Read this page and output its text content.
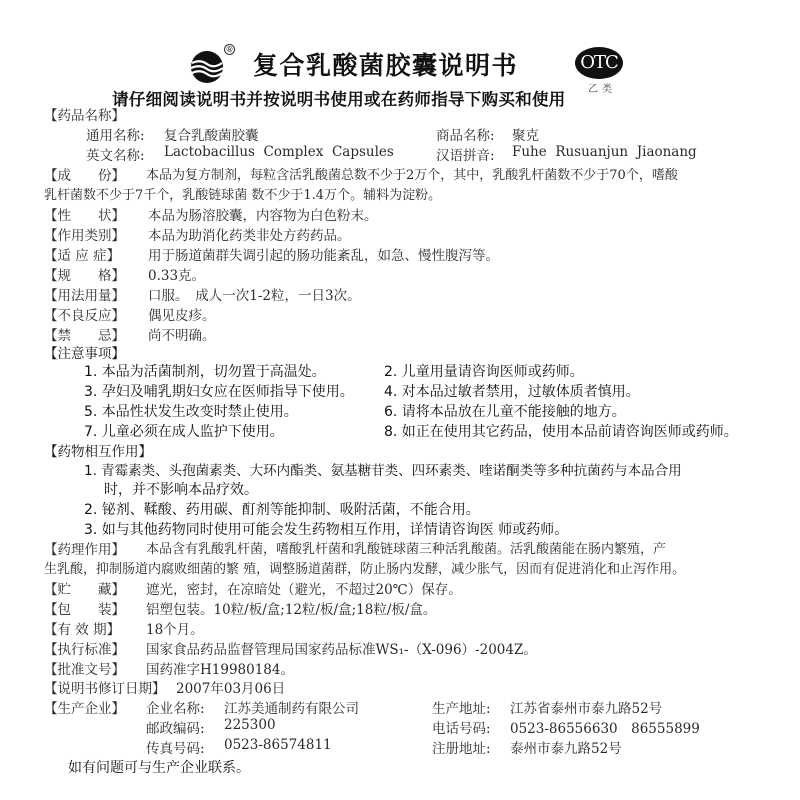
®
复合乳酸菌胶囊说明书	OTC
乙类
请仔细阅读说明书并按说明书使用或在药师指导下购买和使用
【药品名称】
通用名称: 复合乳酸菌胶囊	商品名称: 聚克
英文名称: Lactobacillus  Complex  Capsules	汉语拼音: Fuhe  Rusuanjun  Jiaonang
【成　　份】 本品为复方制剂，每粒含活乳酸菌总数不少于2万个，其中，乳酸乳杆菌数不少于70个，嗜酸
乳杆菌数不少于7千个，乳酸链球菌 数不少于1.4万个。辅料为淀粉。
【性　　状】 本品为肠溶胶囊，内容物为白色粉末。
【作用类别】 本品为助消化药类非处方药药品。
【适 应 症】 用于肠道菌群失调引起的肠功能紊乱，如急、慢性腹泻等。
【规　　格】 0.33克。
【用法用量】 口服。　成人一次1-2粒，一日3次。
【不良反应】 偶见皮疹。
【禁　　忌】 尚不明确。
【注意事项】
1. 本品为活菌制剂，切勿置于高温处。	2. 儿童用量请咨询医师或药师。
3. 孕妇及哺乳期妇女应在医师指导下使用。 4. 对本品过敏者禁用，过敏体质者慎用。
5. 本品性状发生改变时禁止使用。	6. 请将本品放在儿童不能接触的地方。
7. 儿童必须在成人监护下使用。	8. 如正在使用其它药品，使用本品前请咨询医师或药师。
【药物相互作用】
1. 青霉素类、头孢菌素类、大环内酯类、氨基糖苷类、四环素类、喹诺酮类等多种抗菌药与本品合用
时，并不影响本品疗效。
2. 铋剂、鞣酸、药用碳、酊剂等能抑制、吸附活菌，不能合用。
3. 如与其他药物同时使用可能会发生药物相互作用，详情请咨询医 师或药师。
【药理作用】 本品含有乳酸乳杆菌，嗜酸乳杆菌和乳酸链球菌三种活乳酸菌。活乳酸菌能在肠内繁殖，产
生乳酸，抑制肠道内腐败细菌的繁 殖，调整肠道菌群，防止肠内发酵，减少胀气，因而有促进消化和止泻作用。
【贮　　藏】 遮光，密封，在凉暗处（避光，不超过20℃）保存。
【包　　装】 铝塑包装。10粒/板/盒;12粒/板/盒;18粒/板/盒。
【有 效 期】 18个月。
【执行标准】 国家食品药品监督管理局国家药品标准WS₁-（X-096）-2004Z。
【批准文号】 国药准字H19980184。
【说明书修订日期】 2007年03月06日
【生产企业】 企业名称: 江苏美通制药有限公司	生产地址: 江苏省泰州市泰九路52号
邮政编码: 225300	电话号码: 0523-86556630　86555899
传真号码: 0523-86574811	注册地址: 泰州市泰九路52号
如有问题可与生产企业联系。
